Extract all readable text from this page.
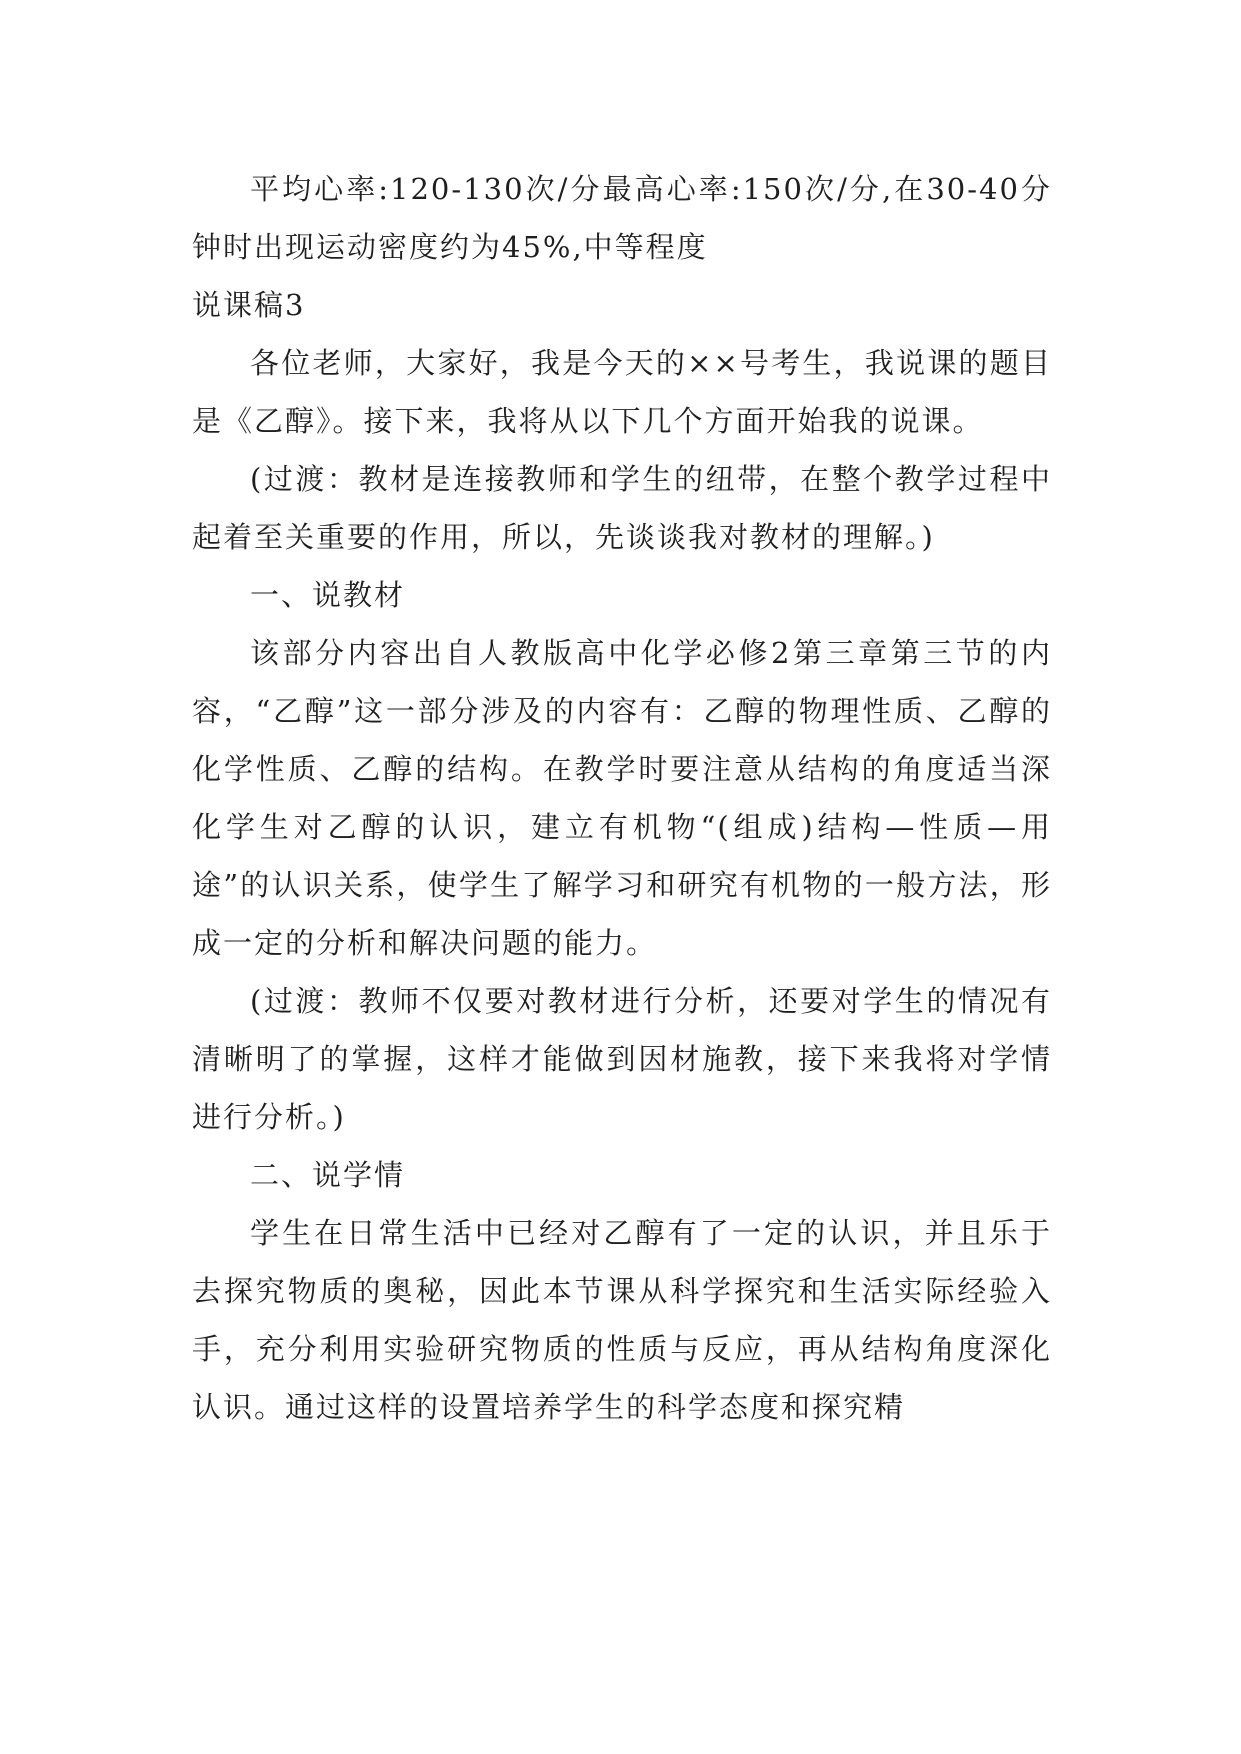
平均心率:120-130次/分最高心率:150次/分,在30-40分钟时出现运动密度约为45%,中等程度

说课稿3

各位老师，大家好，我是今天的××号考生，我说课的题目是《乙醇》。接下来，我将从以下几个方面开始我的说课。

(过渡：教材是连接教师和学生的纽带，在整个教学过程中起着至关重要的作用，所以，先谈谈我对教材的理解。)

一、说教材

该部分内容出自人教版高中化学必修2第三章第三节的内容，“乙醇”这一部分涉及的内容有：乙醇的物理性质、乙醇的化学性质、乙醇的结构。在教学时要注意从结构的角度适当深化学生对乙醇的认识，建立有机物“(组成)结构—性质—用途”的认识关系，使学生了解学习和研究有机物的一般方法，形成一定的分析和解决问题的能力。

(过渡：教师不仅要对教材进行分析，还要对学生的情况有清晰明了的掌握，这样才能做到因材施教，接下来我将对学情进行分析。)

二、说学情

学生在日常生活中已经对乙醇有了一定的认识，并且乐于去探究物质的奥秘，因此本节课从科学探究和生活实际经验入手，充分利用实验研究物质的性质与反应，再从结构角度深化认识。通过这样的设置培养学生的科学态度和探究精
